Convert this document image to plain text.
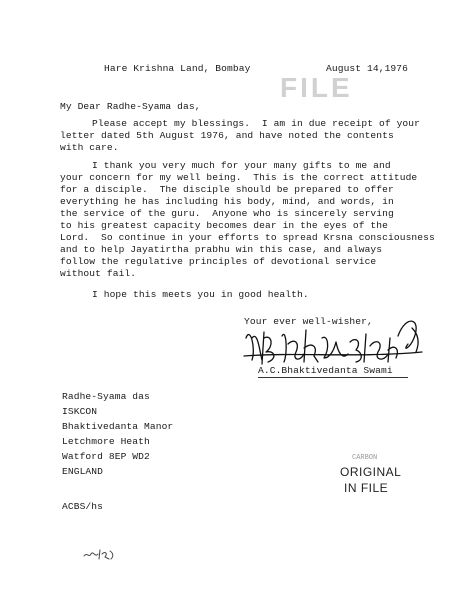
Hare Krishna Land, Bombay	August 14,1976
FILE
My Dear Radhe-Syama das,
Please accept my blessings.  I am in due receipt of your
letter dated 5th August 1976, and have noted the contents
with care.
I thank you very much for your many gifts to me and
your concern for my well being.  This is the correct attitude
for a disciple.  The disciple should be prepared to offer
everything he has including his body, mind, and words, in
the service of the guru.  Anyone who is sincerely serving
to his greatest capacity becomes dear in the eyes of the
Lord.  So continue in your efforts to spread Krsna consciousness
and to help Jayatirtha prabhu win this case, and always
follow the regulative principles of devotional service
without fail.
I hope this meets you in good health.
Your ever well-wisher,
A.C.Bhaktivedanta Swami
Radhe-Syama das
ISKCON
Bhaktivedanta Manor
Letchmore Heath
Watford 8EP WD2
ENGLAND
ACBS/hs
CARBON
ORIGINAL
IN FILE
